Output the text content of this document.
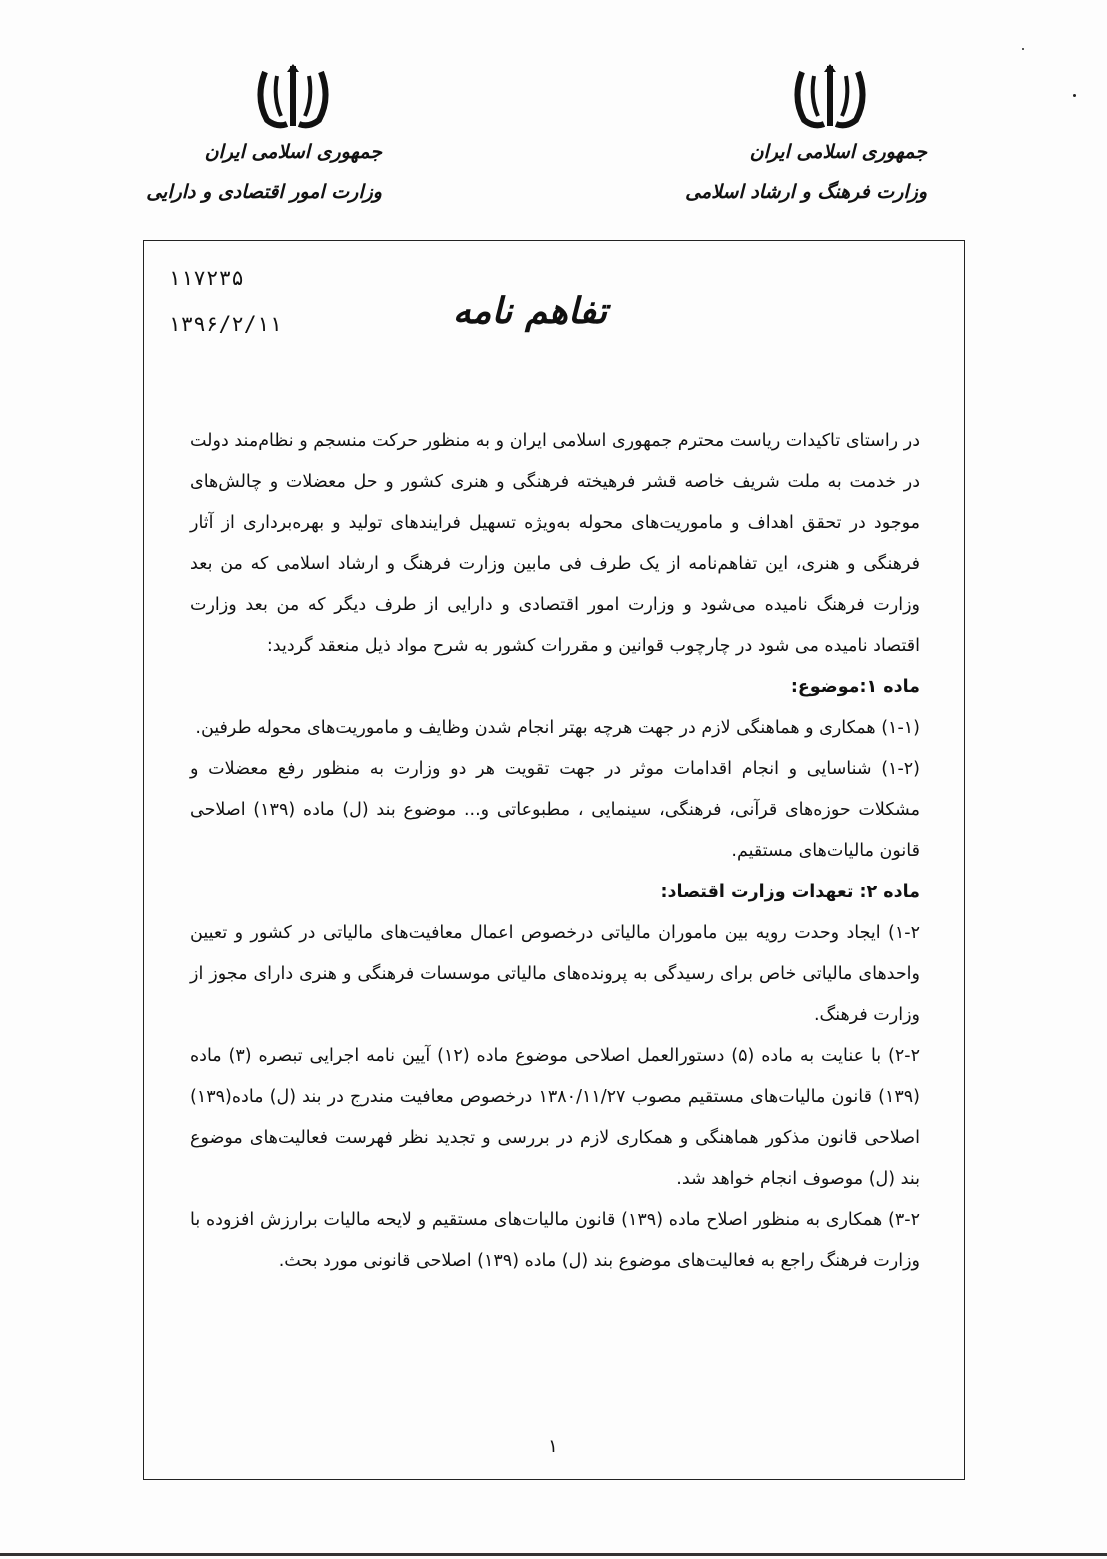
جمهوری اسلامی ایران
وزارت فرهنگ و ارشاد اسلامی
جمهوری اسلامی ایران
وزارت امور اقتصادی و دارایی
۱۱۷۲۳۵
۱۳۹۶/۲/۱۱	تفاهم نامه

در راستای تاکیدات ریاست محترم جمهوری اسلامی ایران و به منظور حرکت منسجم و نظام‌مند دولت در خدمت به ملت شریف خاصه قشر فرهیخته فرهنگی و هنری کشور و حل معضلات و چالش‌های موجود در تحقق اهداف و ماموریت‌های محوله به‌ویژه تسهیل فرایندهای تولید و بهره‌برداری از آثار فرهنگی و هنری، این تفاهم‌نامه از یک طرف فی مابین وزارت فرهنگ و ارشاد اسلامی که من بعد وزارت فرهنگ نامیده می‌شود و وزارت امور اقتصادی و دارایی از طرف دیگر که من بعد وزارت اقتصاد نامیده می شود در چارچوب قوانین و مقررات کشور به شرح مواد ذیل منعقد گردید:

ماده ۱:موضوع:

(۱-۱) همکاری و هماهنگی لازم در جهت هرچه بهتر انجام شدن وظایف و ماموریت‌های محوله طرفین.

(۱-۲) شناسایی و انجام اقدامات موثر در جهت تقویت هر دو وزارت به منظور رفع معضلات و مشکلات حوزه‌های قرآنی، فرهنگی، سینمایی ، مطبوعاتی و... موضوع بند (ل) ماده (۱۳۹) اصلاحی قانون مالیات‌های مستقیم.

ماده ۲: تعهدات وزارت اقتصاد:

۱-۲) ایجاد وحدت رویه بین ماموران مالیاتی درخصوص اعمال معافیت‌های مالیاتی در کشور و تعیین واحدهای مالیاتی خاص برای رسیدگی به پرونده‌های مالیاتی موسسات فرهنگی و هنری دارای مجوز از وزارت فرهنگ.

۲-۲) با عنایت به ماده (۵) دستورالعمل اصلاحی موضوع ماده (۱۲) آیین نامه اجرایی تبصره (۳) ماده (۱۳۹) قانون مالیات‌های مستقیم مصوب ۱۳۸۰/۱۱/۲۷ درخصوص معافیت مندرج در بند (ل) ماده(۱۳۹) اصلاحی قانون مذکور هماهنگی و همکاری لازم در بررسی و تجدید نظر فهرست فعالیت‌های موضوع بند (ل) موصوف انجام خواهد شد.

۳-۲) همکاری به منظور اصلاح ماده (۱۳۹) قانون مالیات‌های مستقیم و لایحه مالیات برارزش افزوده با وزارت فرهنگ راجع به فعالیت‌های موضوع بند (ل) ماده (۱۳۹) اصلاحی قانونی مورد بحث.

۱
